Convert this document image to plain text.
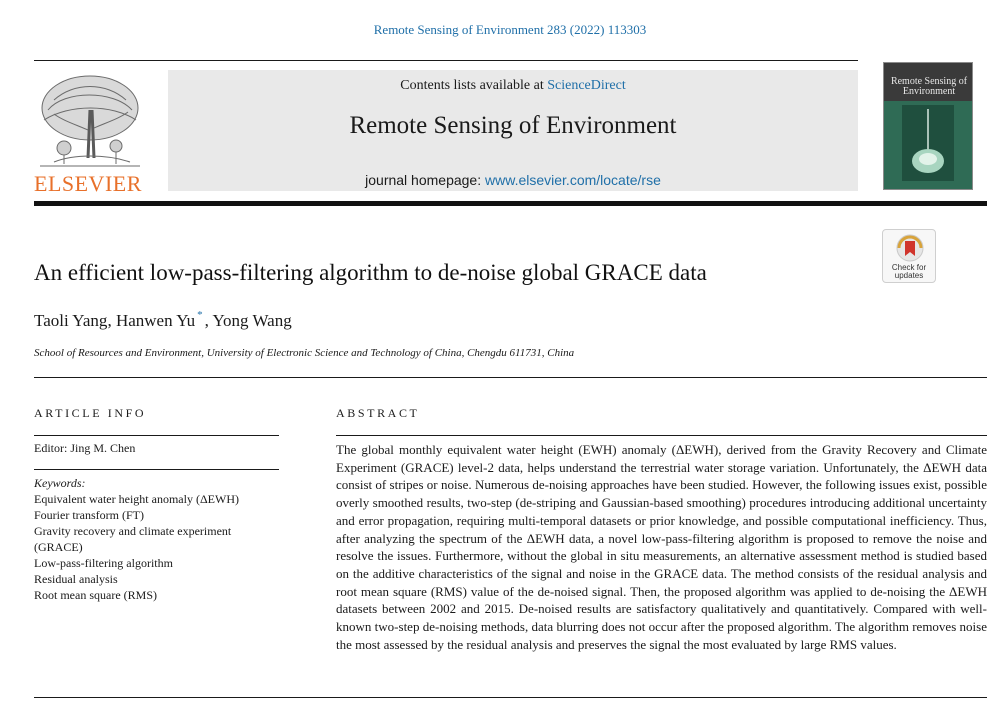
Remote Sensing of Environment 283 (2022) 113303
ELSEVIER
Contents lists available at ScienceDirect
Remote Sensing of Environment
journal homepage: www.elsevier.com/locate/rse
Remote Sensing of Environment
Check for
updates
An efficient low-pass-filtering algorithm to de-noise global GRACE data
Taoli Yang, Hanwen Yu * , Yong Wang
School of Resources and Environment, University of Electronic Science and Technology of China, Chengdu 611731, China
ARTICLE INFO
Editor: Jing M. Chen
Keywords:
Equivalent water height anomaly (ΔEWH)
Fourier transform (FT)
Gravity recovery and climate experiment (GRACE)
Low-pass-filtering algorithm
Residual analysis
Root mean square (RMS)
ABSTRACT

The global monthly equivalent water height (EWH) anomaly (ΔEWH), derived from the Gravity Recovery and Climate Experiment (GRACE) level-2 data, helps understand the terrestrial water storage variation. Unfortunately, the ΔEWH data consist of stripes or noise. Numerous de-noising approaches have been studied. However, the following issues exist, possible overly smoothed results, two-step (de-striping and Gaussian-based smoothing) procedures introducing additional uncertainty and error propagation, requiring multi-temporal datasets or prior knowledge, and possible computational inefficiency. Thus, after analyzing the spectrum of the ΔEWH data, a novel low-pass-filtering algorithm is proposed to remove the noise and resolve the issues. Furthermore, without the global in situ measurements, an alternative assessment method is studied based on the additive characteristics of the signal and noise in the GRACE data. The method consists of the residual analysis and root mean square (RMS) value of the de-noised signal. Then, the proposed algorithm was applied to de-noising the ΔEWH datasets between 2002 and 2015. De-noised results are satisfactory qualitatively and quantitatively. Compared with well-known two-step de-noising methods, data blurring does not occur after the proposed algorithm. The algorithm removes noise the most assessed by the residual analysis and preserves the signal the most evaluated by large RMS values.
